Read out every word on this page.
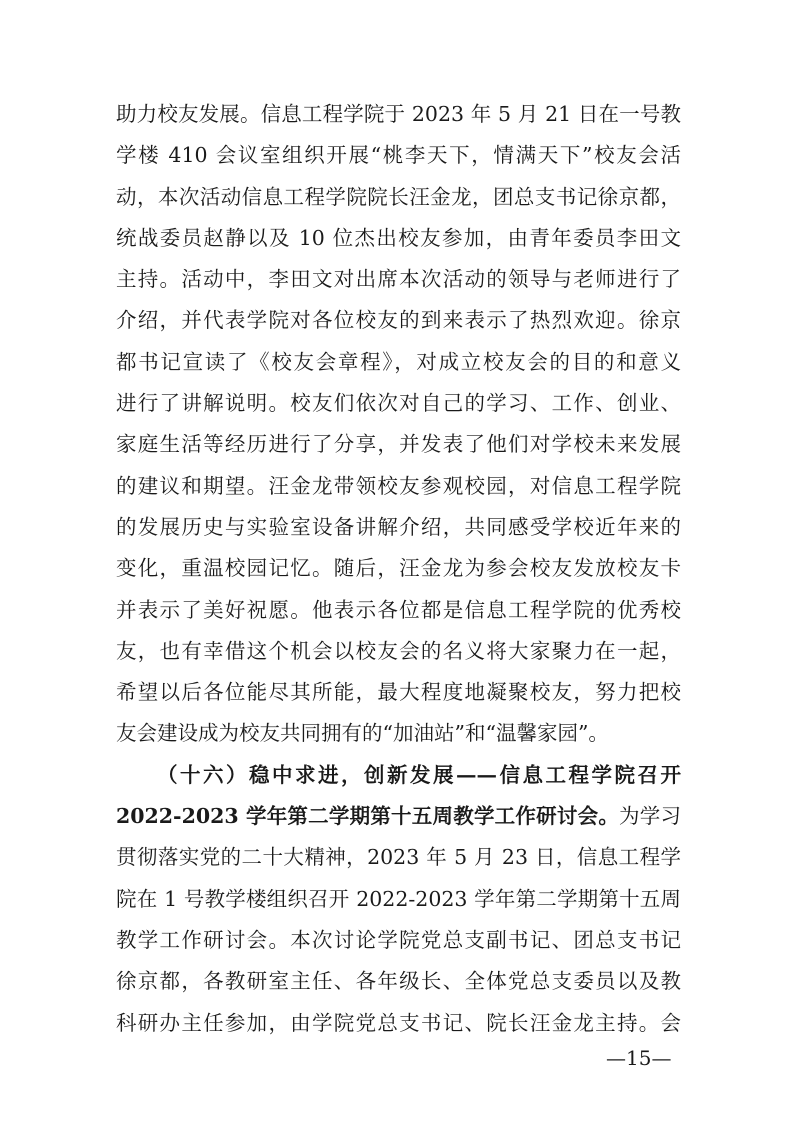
助力校友发展。信息工程学院于 2023 年 5 月 21 日在一号教
学楼 410 会议室组织开展“桃李天下，情满天下”校友会活
动，本次活动信息工程学院院长汪金龙，团总支书记徐京都，
统战委员赵静以及 10 位杰出校友参加，由青年委员李田文
主持。活动中，李田文对出席本次活动的领导与老师进行了
介绍，并代表学院对各位校友的到来表示了热烈欢迎。徐京
都书记宣读了《校友会章程》，对成立校友会的目的和意义
进行了讲解说明。校友们依次对自己的学习、工作、创业、
家庭生活等经历进行了分享，并发表了他们对学校未来发展
的建议和期望。汪金龙带领校友参观校园，对信息工程学院
的发展历史与实验室设备讲解介绍，共同感受学校近年来的
变化，重温校园记忆。随后，汪金龙为参会校友发放校友卡
并表示了美好祝愿。他表示各位都是信息工程学院的优秀校
友，也有幸借这个机会以校友会的名义将大家聚力在一起，
希望以后各位能尽其所能，最大程度地凝聚校友，努力把校
友会建设成为校友共同拥有的“加油站”和“温馨家园”。
（十六）稳中求进，创新发展——信息工程学院召开
2022-2023 学年第二学期第十五周教学工作研讨会。为学习
贯彻落实党的二十大精神，2023 年 5 月 23 日，信息工程学
院在 1 号教学楼组织召开 2022-2023 学年第二学期第十五周
教学工作研讨会。本次讨论学院党总支副书记、团总支书记
徐京都，各教研室主任、各年级长、全体党总支委员以及教
科研办主任参加，由学院党总支书记、院长汪金龙主持。会
—15—
